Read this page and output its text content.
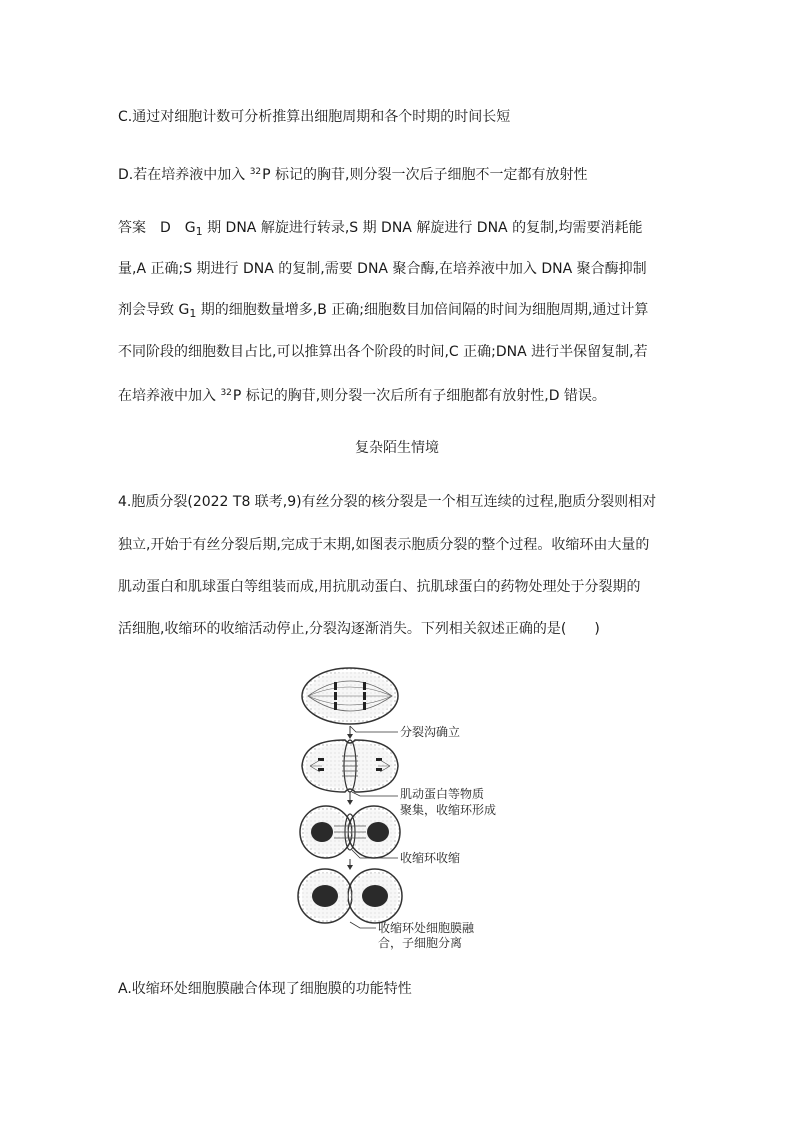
C.通过对细胞计数可分析推算出细胞周期和各个时期的时间长短
D.若在培养液中加入 $^{32}$P 标记的胸苷,则分裂一次后子细胞不一定都有放射性
答案　D　$G_1$ 期 DNA 解旋进行转录,S 期 DNA 解旋进行 DNA 的复制,均需要消耗能
量,A 正确;S 期进行 DNA 的复制,需要 DNA 聚合酶,在培养液中加入 DNA 聚合酶抑制
剂会导致 $G_1$ 期的细胞数量增多,B 正确;细胞数目加倍间隔的时间为细胞周期,通过计算
不同阶段的细胞数目占比,可以推算出各个阶段的时间,C 正确;DNA 进行半保留复制,若
在培养液中加入 $^{32}$P 标记的胸苷,则分裂一次后所有子细胞都有放射性,D 错误。
复杂陌生情境
4.胞质分裂(2022 T8 联考,9)有丝分裂的核分裂是一个相互连续的过程,胞质分裂则相对
独立,开始于有丝分裂后期,完成于末期,如图表示胞质分裂的整个过程。收缩环由大量的
肌动蛋白和肌球蛋白等组装而成,用抗肌动蛋白、抗肌球蛋白的药物处理处于分裂期的
活细胞,收缩环的收缩活动停止,分裂沟逐渐消失。下列相关叙述正确的是(　　)
分裂沟确立
肌动蛋白等物质
聚集，收缩环形成
收缩环收缩
收缩环处细胞膜融
合，子细胞分离
A.收缩环处细胞膜融合体现了细胞膜的功能特性
